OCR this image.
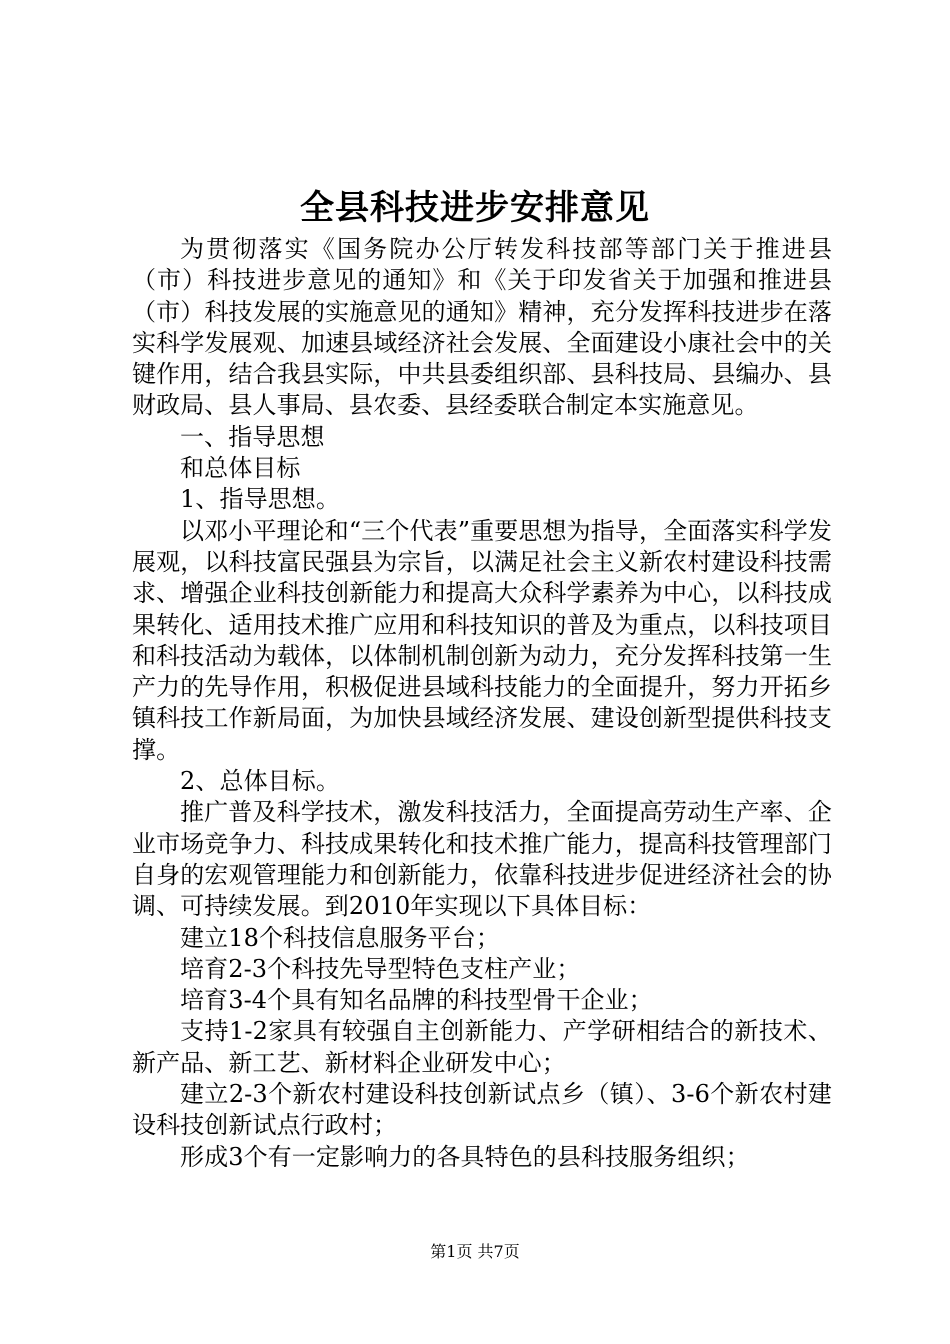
全县科技进步安排意见

为贯彻落实《国务院办公厅转发科技部等部门关于推进县（市）科技进步意见的通知》和《关于印发省关于加强和推进县（市）科技发展的实施意见的通知》精神，充分发挥科技进步在落实科学发展观、加速县域经济社会发展、全面建设小康社会中的关键作用，结合我县实际，中共县委组织部、县科技局、县编办、县财政局、县人事局、县农委、县经委联合制定本实施意见。

一、指导思想

和总体目标

1、指导思想。

以邓小平理论和“三个代表”重要思想为指导，全面落实科学发展观，以科技富民强县为宗旨，以满足社会主义新农村建设科技需求、增强企业科技创新能力和提高大众科学素养为中心，以科技成果转化、适用技术推广应用和科技知识的普及为重点，以科技项目和科技活动为载体，以体制机制创新为动力，充分发挥科技第一生产力的先导作用，积极促进县域科技能力的全面提升，努力开拓乡镇科技工作新局面，为加快县域经济发展、建设创新型提供科技支撑。

2、总体目标。

推广普及科学技术，激发科技活力，全面提高劳动生产率、企业市场竞争力、科技成果转化和技术推广能力，提高科技管理部门自身的宏观管理能力和创新能力，依靠科技进步促进经济社会的协调、可持续发展。到2010年实现以下具体目标：

建立18个科技信息服务平台；

培育2-3个科技先导型特色支柱产业；

培育3-4个具有知名品牌的科技型骨干企业；

支持1-2家具有较强自主创新能力、产学研相结合的新技术、新产品、新工艺、新材料企业研发中心；

建立2-3个新农村建设科技创新试点乡（镇）、3-6个新农村建设科技创新试点行政村；

形成3个有一定影响力的各具特色的县科技服务组织；

第1页 共7页
